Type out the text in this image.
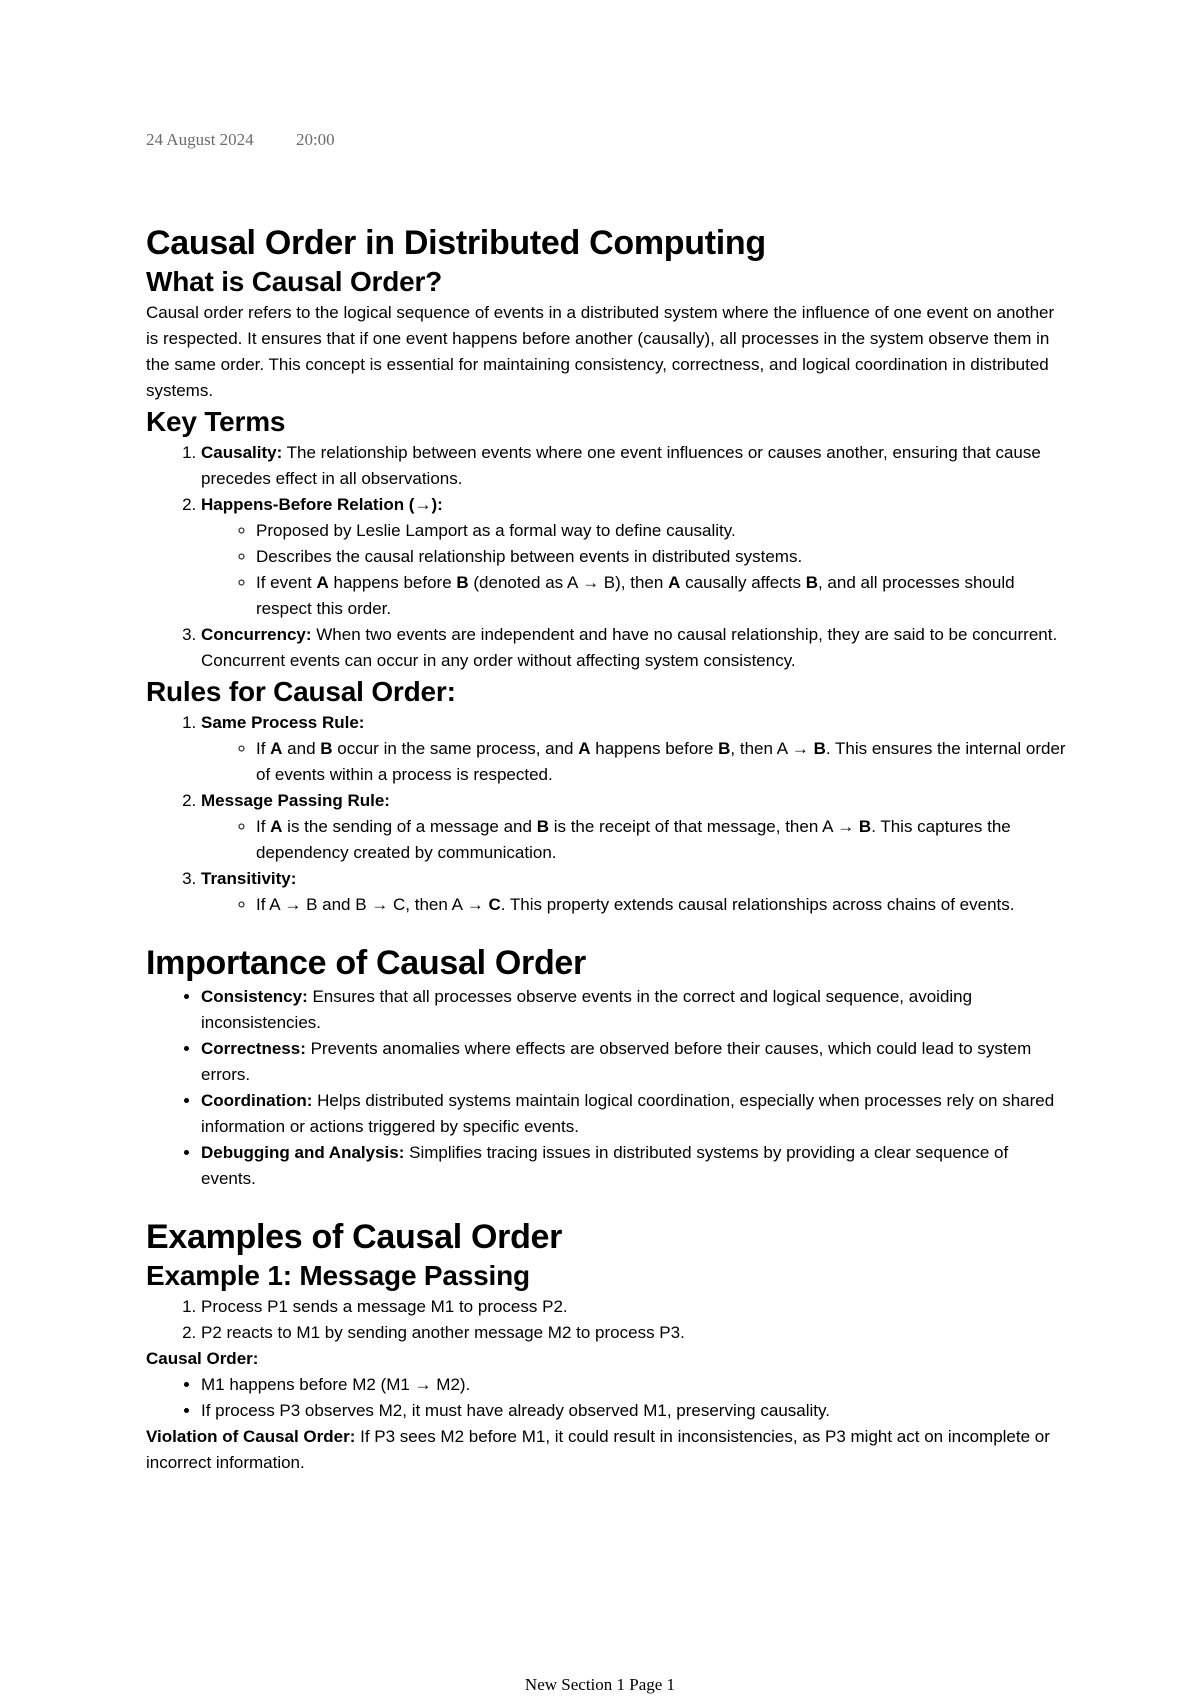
24 August 2024 20:00
Causal Order in Distributed Computing
What is Causal Order?

Causal order refers to the logical sequence of events in a distributed system where the influence of one event on another is respected. It ensures that if one event happens before another (causally), all processes in the system observe them in the same order. This concept is essential for maintaining consistency, correctness, and logical coordination in distributed systems.

Key Terms
1. Causality: The relationship between events where one event influences or causes another, ensuring that cause precedes effect in all observations.
2. Happens-Before Relation (→):
◦ Proposed by Leslie Lamport as a formal way to define causality.
◦ Describes the causal relationship between events in distributed systems.
◦ If event A happens before B (denoted as A → B), then A causally affects B, and all processes should respect this order.
3. Concurrency: When two events are independent and have no causal relationship, they are said to be concurrent. Concurrent events can occur in any order without affecting system consistency.
Rules for Causal Order:
1. Same Process Rule:
◦ If A and B occur in the same process, and A happens before B, then A → B. This ensures the internal order of events within a process is respected.
2. Message Passing Rule:
◦ If A is the sending of a message and B is the receipt of that message, then A → B. This captures the dependency created by communication.
3. Transitivity:
◦ If A → B and B → C, then A → C. This property extends causal relationships across chains of events.
Importance of Causal Order
• Consistency: Ensures that all processes observe events in the correct and logical sequence, avoiding inconsistencies.
• Correctness: Prevents anomalies where effects are observed before their causes, which could lead to system errors.
• Coordination: Helps distributed systems maintain logical coordination, especially when processes rely on shared information or actions triggered by specific events.
• Debugging and Analysis: Simplifies tracing issues in distributed systems by providing a clear sequence of events.
Examples of Causal Order
Example 1: Message Passing
1. Process P1 sends a message M1 to process P2.
2. P2 reacts to M1 by sending another message M2 to process P3.

Causal Order:

• M1 happens before M2 (M1 → M2).
• If process P3 observes M2, it must have already observed M1, preserving causality.

Violation of Causal Order: If P3 sees M2 before M1, it could result in inconsistencies, as P3 might act on incomplete or incorrect information.

New Section 1 Page 1
